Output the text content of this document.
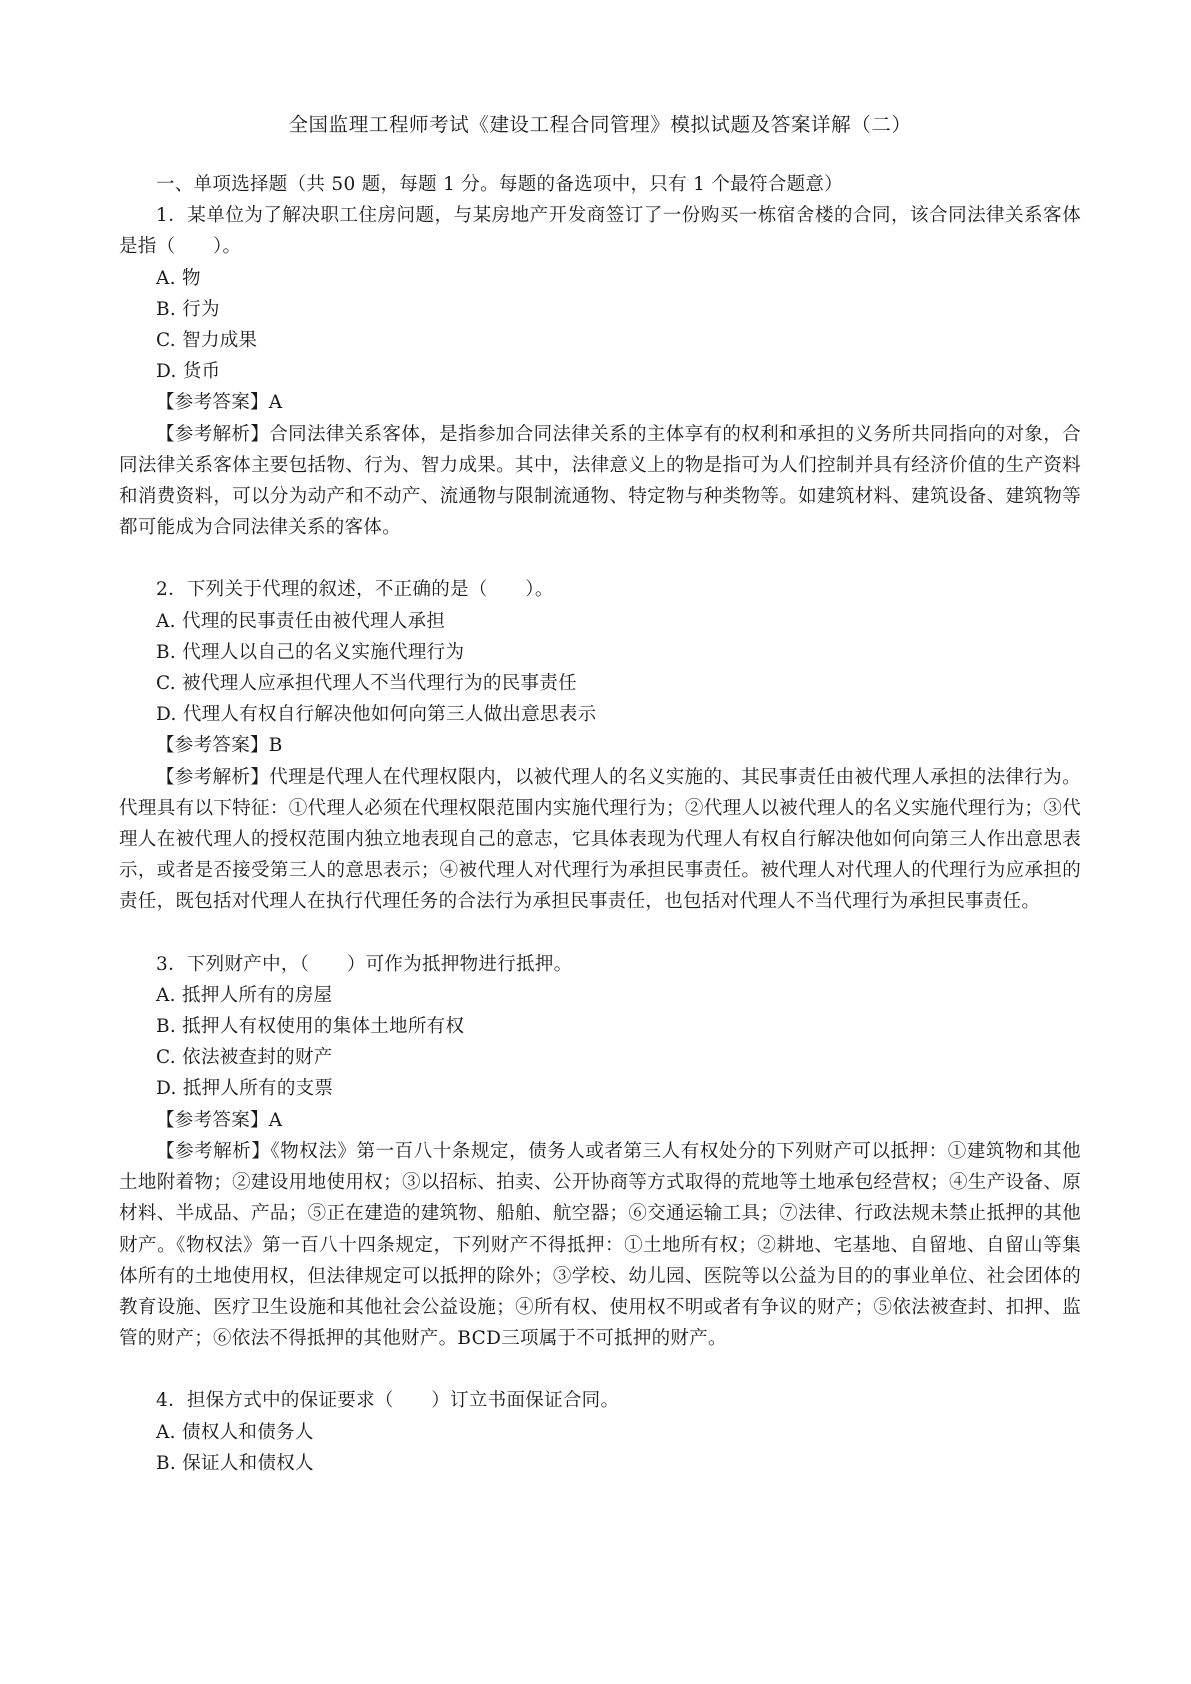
全国监理工程师考试《建设工程合同管理》模拟试题及答案详解（二）

一、单项选择题（共 50 题，每题 1 分。每题的备选项中，只有 1 个最符合题意）

1．某单位为了解决职工住房问题，与某房地产开发商签订了一份购买一栋宿舍楼的合同，该合同法律关系客体是指（　　）。

A. 物

B. 行为

C. 智力成果

D. 货币

【参考答案】A

【参考解析】合同法律关系客体，是指参加合同法律关系的主体享有的权利和承担的义务所共同指向的对象，合同法律关系客体主要包括物、行为、智力成果。其中，法律意义上的物是指可为人们控制并具有经济价值的生产资料和消费资料，可以分为动产和不动产、流通物与限制流通物、特定物与种类物等。如建筑材料、建筑设备、建筑物等都可能成为合同法律关系的客体。

2．下列关于代理的叙述，不正确的是（　　）。

A. 代理的民事责任由被代理人承担

B. 代理人以自己的名义实施代理行为

C. 被代理人应承担代理人不当代理行为的民事责任

D. 代理人有权自行解决他如何向第三人做出意思表示

【参考答案】B

【参考解析】代理是代理人在代理权限内，以被代理人的名义实施的、其民事责任由被代理人承担的法律行为。代理具有以下特征：①代理人必须在代理权限范围内实施代理行为；②代理人以被代理人的名义实施代理行为；③代理人在被代理人的授权范围内独立地表现自己的意志，它具体表现为代理人有权自行解决他如何向第三人作出意思表示，或者是否接受第三人的意思表示；④被代理人对代理行为承担民事责任。被代理人对代理人的代理行为应承担的责任，既包括对代理人在执行代理任务的合法行为承担民事责任，也包括对代理人不当代理行为承担民事责任。

3．下列财产中，（　　）可作为抵押物进行抵押。

A. 抵押人所有的房屋

B. 抵押人有权使用的集体土地所有权

C. 依法被查封的财产

D. 抵押人所有的支票

【参考答案】A

【参考解析】《物权法》第一百八十条规定，债务人或者第三人有权处分的下列财产可以抵押：①建筑物和其他土地附着物；②建设用地使用权；③以招标、拍卖、公开协商等方式取得的荒地等土地承包经营权；④生产设备、原材料、半成品、产品；⑤正在建造的建筑物、船舶、航空器；⑥交通运输工具；⑦法律、行政法规未禁止抵押的其他财产。《物权法》第一百八十四条规定，下列财产不得抵押：①土地所有权；②耕地、宅基地、自留地、自留山等集体所有的土地使用权，但法律规定可以抵押的除外；③学校、幼儿园、医院等以公益为目的的事业单位、社会团体的教育设施、医疗卫生设施和其他社会公益设施；④所有权、使用权不明或者有争议的财产；⑤依法被查封、扣押、监管的财产；⑥依法不得抵押的其他财产。BCD三项属于不可抵押的财产。

4．担保方式中的保证要求（　　）订立书面保证合同。

A. 债权人和债务人

B. 保证人和债权人
